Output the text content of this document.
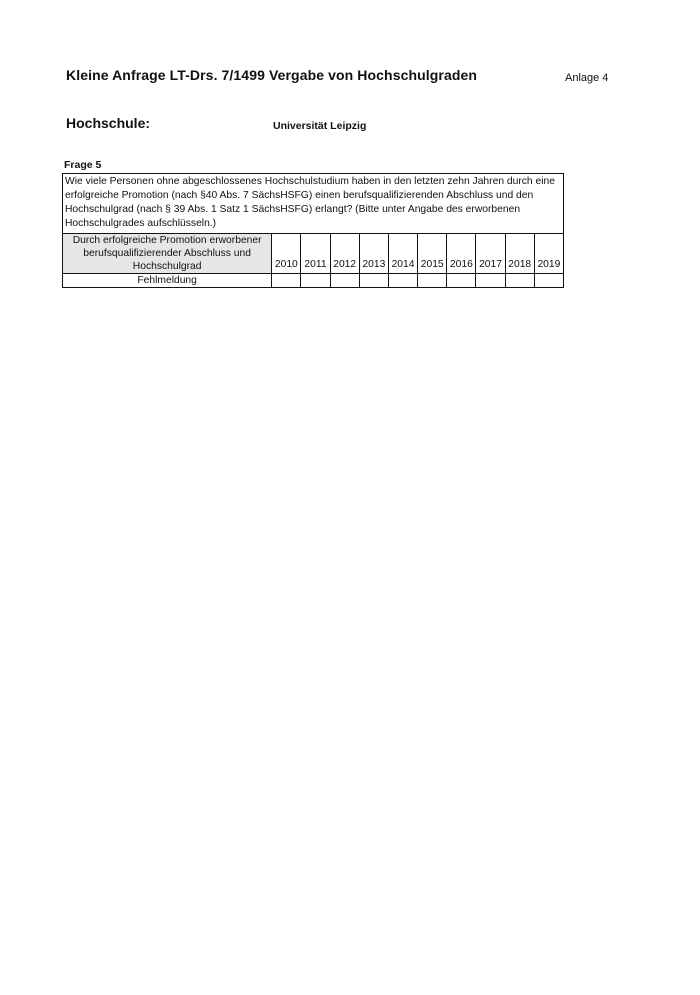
Kleine Anfrage LT-Drs. 7/1499 Vergabe von Hochschulgraden	Anlage 4
Hochschule:	Universität Leipzig
Frage 5
Wie viele Personen ohne abgeschlossenes Hochschulstudium haben in den letzten zehn Jahren durch eine erfolgreiche Promotion (nach §40 Abs. 7 SächsHSFG) einen berufsqualifizierenden Abschluss und den Hochschulgrad (nach § 39 Abs. 1 Satz 1 SächsHSFG) erlangt? (Bitte unter Angabe des erworbenen Hochschulgrades aufschlüsseln.)										
Durch erfolgreiche Promotion erworbener berufsqualifizierender Abschluss und Hochschulgrad	2010	2011	2012	2013	2014	2015	2016	2017	2018	2019
Fehlmeldung										
